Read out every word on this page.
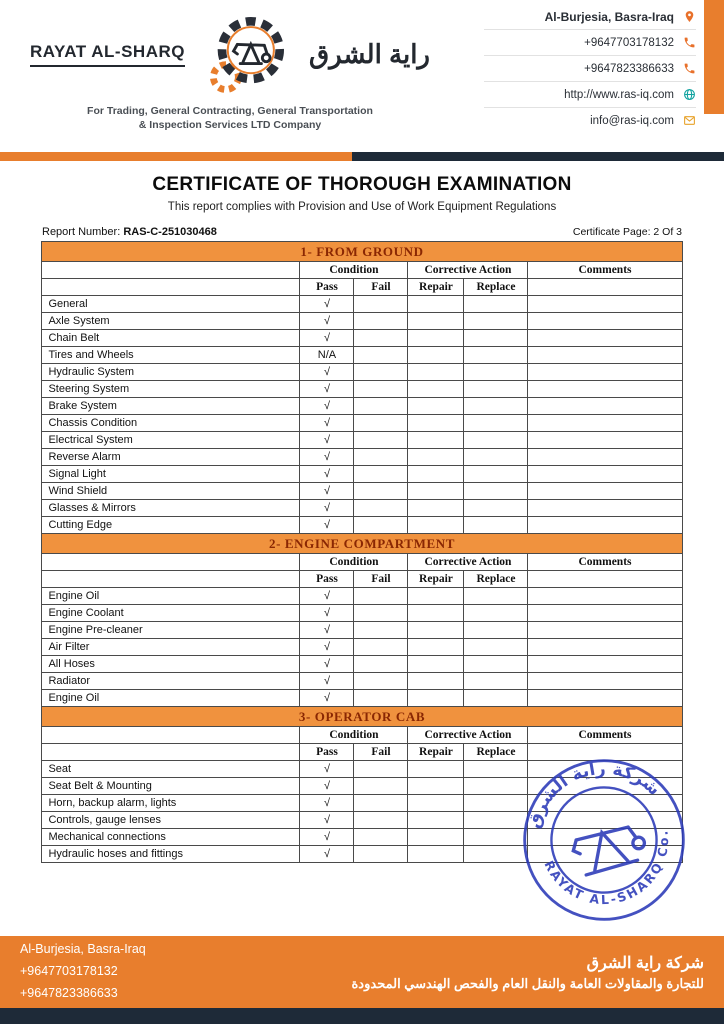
RAYAT AL-SHARQ	راية الشرق
For Trading, General Contracting, General Transportation
& Inspection Services LTD Company
Al-Burjesia, Basra-Iraq
+9647703178132
+9647823386633
http://www.ras-iq.com
info@ras-iq.com
CERTIFICATE OF THOROUGH EXAMINATION
This report complies with Provision and Use of Work Equipment Regulations
Report Number: RAS-C-251030468	Certificate Page: 2 Of 3
1- FROM GROUND					
	Condition		Corrective Action		Comments
	Pass	Fail	Repair	Replace	
General	√				
Axle System	√				
Chain Belt	√				
Tires and Wheels	N/A				
Hydraulic System	√				
Steering System	√				
Brake System	√				
Chassis Condition	√				
Electrical System	√				
Reverse Alarm	√				
Signal Light	√				
Wind Shield	√				
Glasses & Mirrors	√				
Cutting Edge	√				
2- ENGINE COMPARTMENT					
	Condition		Corrective Action		Comments
	Pass	Fail	Repair	Replace	
Engine Oil	√				
Engine Coolant	√				
Engine Pre-cleaner	√				
Air Filter	√				
All Hoses	√				
Radiator	√				
Engine Oil	√				
3- OPERATOR CAB					
	Condition		Corrective Action		Comments
	Pass	Fail	Repair	Replace	
Seat	√				
Seat Belt & Mounting	√				
Horn, backup alarm, lights	√				
Controls, gauge lenses	√				
Mechanical connections	√				
Hydraulic hoses and fittings	√				
شركة راية الشرق
RAYAT AL-SHARQ Co.
Al-Burjesia, Basra-Iraq
+9647703178132
+9647823386633
شركة راية الشرق
للتجارة والمقاولات العامة والنقل العام والفحص الهندسي المحدودة
